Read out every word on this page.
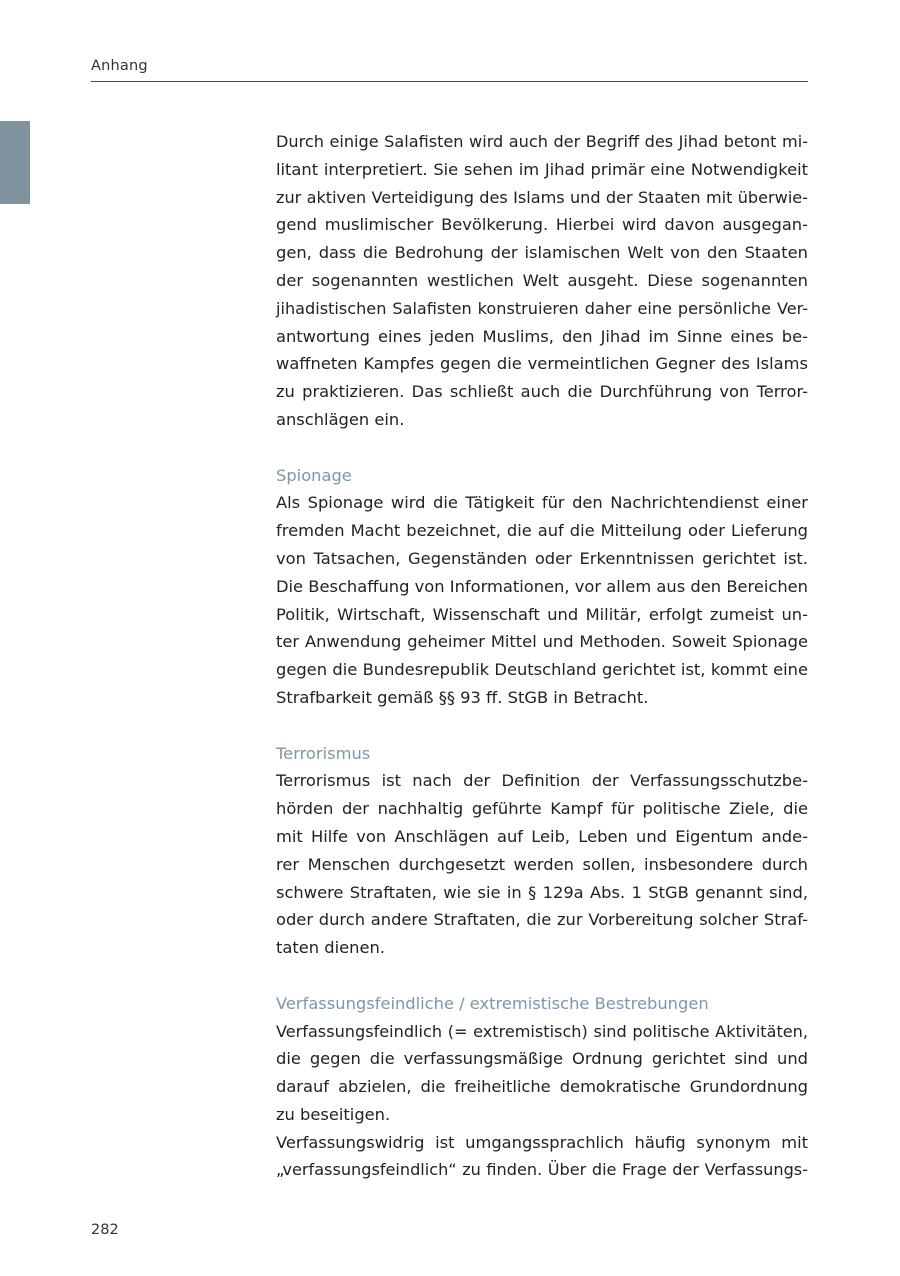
Anhang

Durch einige Salafisten wird auch der Begriff des Jihad betont mi-
litant interpretiert. Sie sehen im Jihad primär eine Notwendigkeit
zur aktiven Verteidigung des Islams und der Staaten mit überwie-
gend muslimischer Bevölkerung. Hierbei wird davon ausgegan-
gen, dass die Bedrohung der islamischen Welt von den Staaten
der sogenannten westlichen Welt ausgeht. Diese sogenannten
jihadistischen Salafisten konstruieren daher eine persönliche Ver-
antwortung eines jeden Muslims, den Jihad im Sinne eines be-
waffneten Kampfes gegen die vermeintlichen Gegner des Islams
zu praktizieren. Das schließt auch die Durchführung von Terror-
anschlägen ein.

Spionage

Als Spionage wird die Tätigkeit für den Nachrichtendienst einer
fremden Macht bezeichnet, die auf die Mitteilung oder Lieferung
von Tatsachen, Gegenständen oder Erkenntnissen gerichtet ist.
Die Beschaffung von Informationen, vor allem aus den Bereichen
Politik, Wirtschaft, Wissenschaft und Militär, erfolgt zumeist un-
ter Anwendung geheimer Mittel und Methoden. Soweit Spionage
gegen die Bundesrepublik Deutschland gerichtet ist, kommt eine
Strafbarkeit gemäß §§ 93 ff. StGB in Betracht.

Terrorismus

Terrorismus ist nach der Definition der Verfassungsschutzbe-
hörden der nachhaltig geführte Kampf für politische Ziele, die
mit Hilfe von Anschlägen auf Leib, Leben und Eigentum ande-
rer Menschen durchgesetzt werden sollen, insbesondere durch
schwere Straftaten, wie sie in § 129a Abs. 1 StGB genannt sind,
oder durch andere Straftaten, die zur Vorbereitung solcher Straf-
taten dienen.

Verfassungsfeindliche / extremistische Bestrebungen

Verfassungsfeindlich (= extremistisch) sind politische Aktivitäten,
die gegen die verfassungsmäßige Ordnung gerichtet sind und
darauf abzielen, die freiheitliche demokratische Grundordnung
zu beseitigen.
Verfassungswidrig ist umgangssprachlich häufig synonym mit
„verfassungsfeindlich“ zu finden. Über die Frage der Verfassungs-

282
